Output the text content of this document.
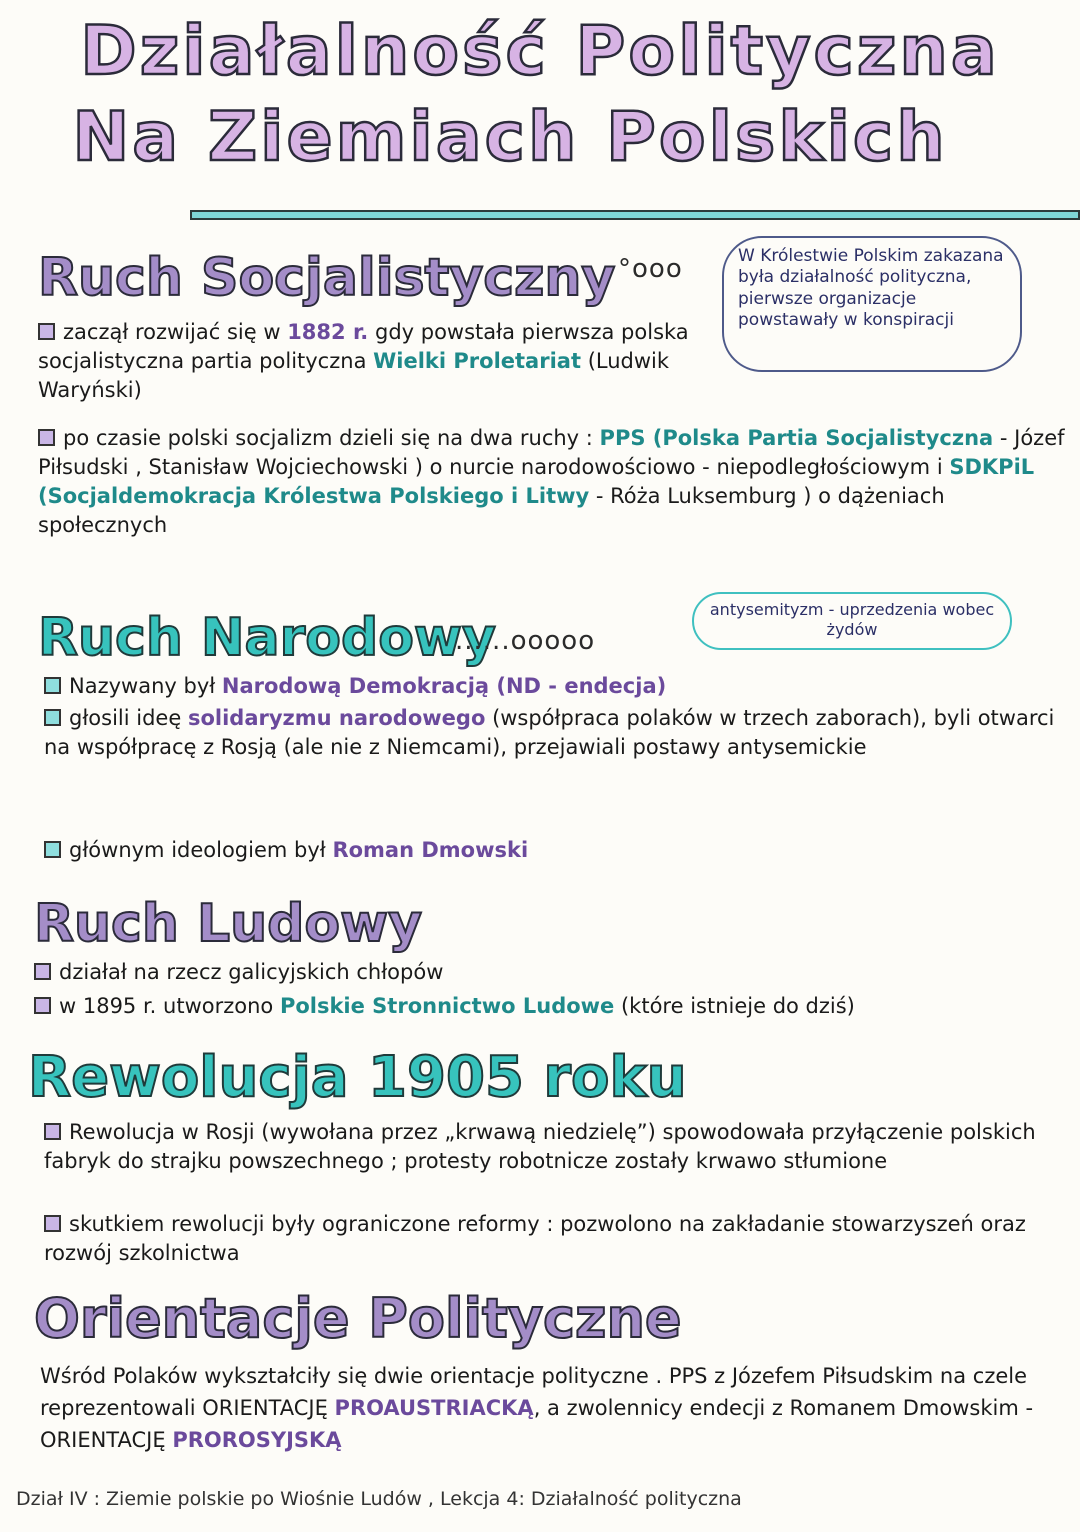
Działalność Polityczna
Na Ziemiach Polskich
Ruch Socjalistyczny °ooo	W Królestwie Polskim zakazana była działalność polityczna, pierwsze organizacje powstawały w konspiracji
zaczął rozwijać się w 1882 r. gdy powstała pierwsza polska socjalistyczna partia polityczna Wielki Proletariat (Ludwik Waryński)
po czasie polski socjalizm dzieli się na dwa ruchy : PPS (Polska Partia Socjalistyczna - Józef Piłsudski , Stanisław Wojciechowski ) o nurcie narodowościowo - niepodległościowym i SDKPiL (Socjaldemokracja Królestwa Polskiego i Litwy - Róża Luksemburg ) o dążeniach społecznych
Ruch Narodowy
......ooooo
antysemityzm - uprzedzenia wobec żydów
Nazywany był Narodową Demokracją (ND - endecja)
głosili ideę solidaryzmu narodowego (współpraca polaków w trzech zaborach), byli otwarci na współpracę z Rosją (ale nie z Niemcami), przejawiali postawy antysemickie
głównym ideologiem był Roman Dmowski
Ruch Ludowy
działał na rzecz galicyjskich chłopów
w 1895 r. utworzono Polskie Stronnictwo Ludowe (które istnieje do dziś)
Rewolucja 1905 roku
Rewolucja w Rosji (wywołana przez „krwawą niedzielę”) spowodowała przyłączenie polskich fabryk do strajku powszechnego ; protesty robotnicze zostały krwawo stłumione
skutkiem rewolucji były ograniczone reformy : pozwolono na zakładanie stowarzyszeń oraz rozwój szkolnictwa
Orientacje Polityczne
Wśród Polaków wykształciły się dwie orientacje polityczne . PPS z Józefem Piłsudskim na czele reprezentowali ORIENTACJĘ PROAUSTRIACKĄ, a zwolennicy endecji z Romanem Dmowskim - ORIENTACJĘ PROROSYJSKĄ
Dział IV : Ziemie polskie po Wiośnie Ludów , Lekcja 4: Działalność polityczna
